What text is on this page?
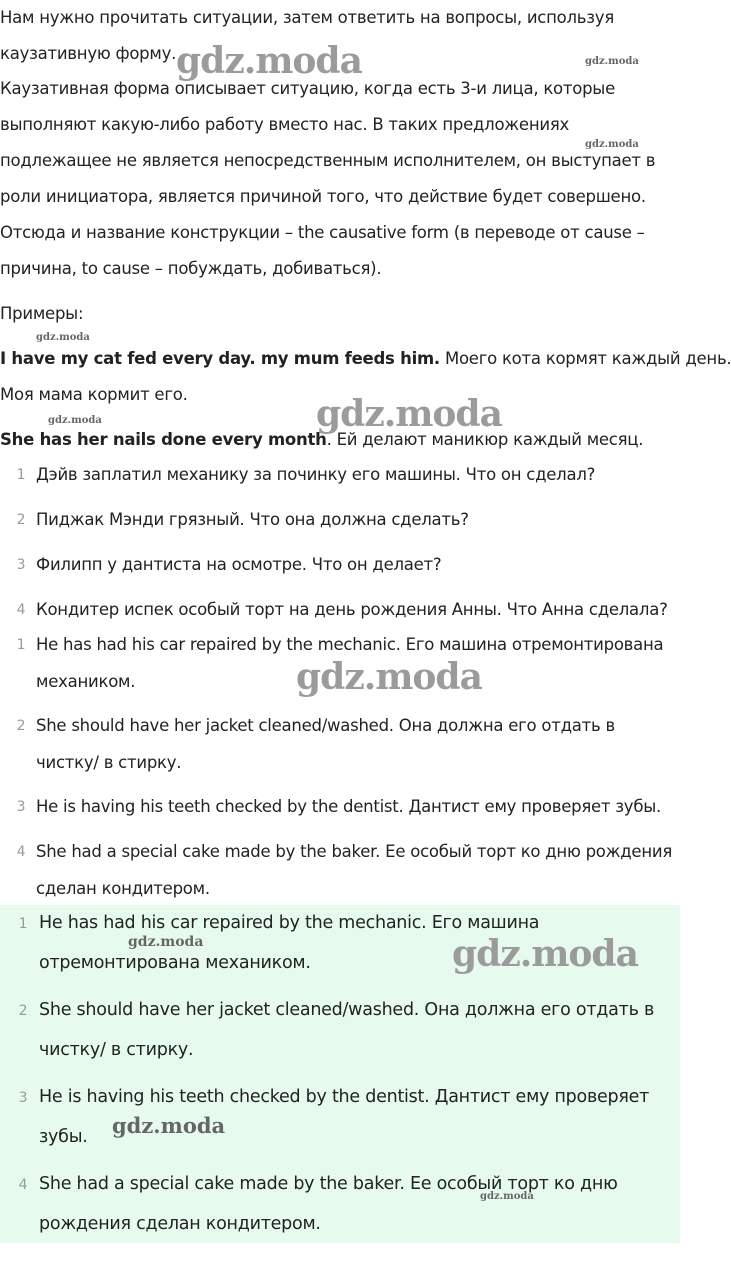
Нам нужно прочитать ситуации, затем ответить на вопросы, используя

каузативную форму.

Каузативная форма описывает ситуацию, когда есть 3-и лица, которые

выполняют какую-либо работу вместо нас. В таких предложениях

подлежащее не является непосредственным исполнителем, он выступает в

роли инициатора, является причиной того, что действие будет совершено.

Отсюда и название конструкции – the causative form (в переводе от cause –

причина, to cause – побуждать, добиваться).

Примеры:

I have my cat fed every day. my mum feeds him. Моего кота кормят каждый день.

Моя мама кормит его.

She has her nails done every month. Ей делают маникюр каждый месяц.

1 Дэйв заплатил механику за починку его машины. Что он сделал?
2 Пиджак Мэнди грязный. Что она должна сделать?
3 Филипп у дантиста на осмотре. Что он делает?
4 Кондитер испек особый торт на день рождения Анны. Что Анна сделала?
1 He has had his car repaired by the mechanic. Его машина отремонтирована
механиком.
2 She should have her jacket cleaned/washed. Она должна его отдать в
чистку/ в стирку.
3 He is having his teeth checked by the dentist. Дантист ему проверяет зубы.
4 She had a special cake made by the baker. Ее особый торт ко дню рождения
сделан кондитером.
1 He has had his car repaired by the mechanic. Его машина
отремонтирована механиком.
2 She should have her jacket cleaned/washed. Она должна его отдать в
чистку/ в стирку.
3 He is having his teeth checked by the dentist. Дантист ему проверяет
зубы.
4 She had a special cake made by the baker. Ее особый торт ко дню
рождения сделан кондитером.
gdz.moda	gdz.moda
gdz.moda
gdz.moda
gdz.moda	gdz.moda
gdz.moda
gdz.moda	gdz.moda
gdz.moda
gdz.moda
